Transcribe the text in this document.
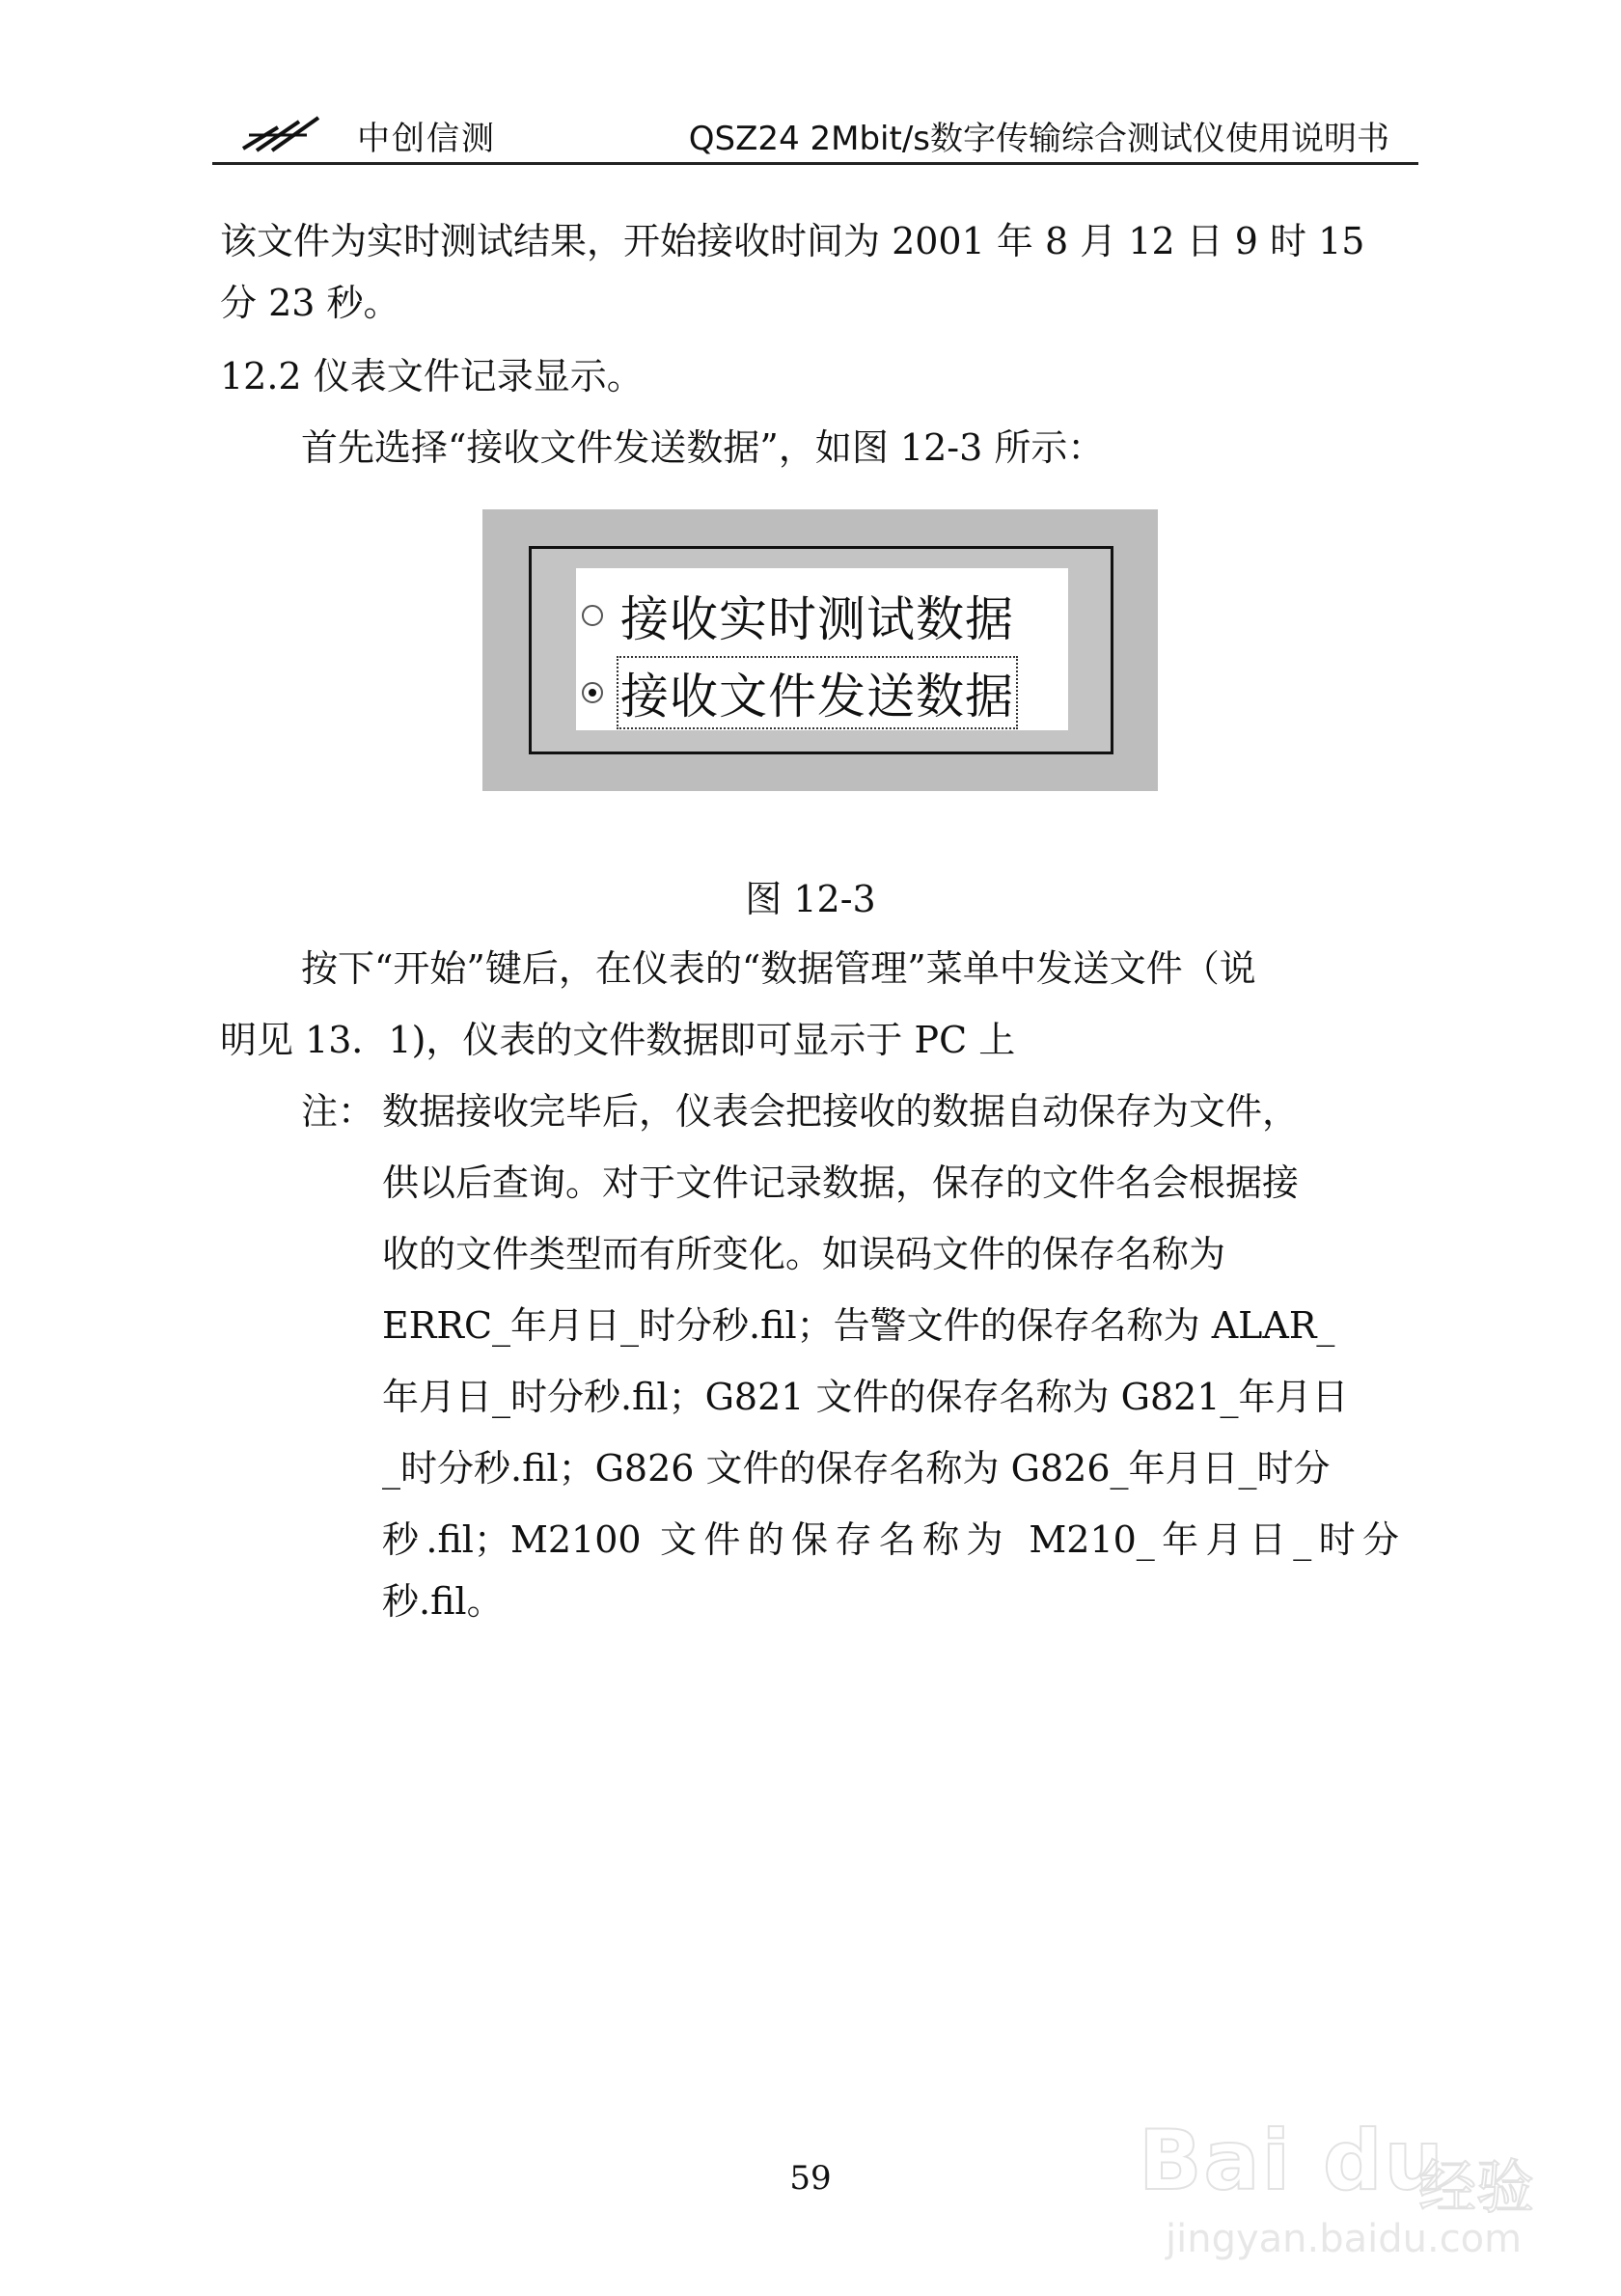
中创信测	QSZ24 2Mbit/s数字传输综合测试仪使用说明书

该文件为实时测试结果，开始接收时间为 2001 年 8 月 12 日 9 时 15

分 23 秒。

12.2 仪表文件记录显示。

首先选择“接收文件发送数据”，如图 12-3 所示：

接收实时测试数据
接收文件发送数据

图 12-3

按下“开始”键后，在仪表的“数据管理”菜单中发送文件（说

明见 13．1)，仪表的文件数据即可显示于 PC 上

注： 数据接收完毕后，仪表会把接收的数据自动保存为文件，

供以后查询。对于文件记录数据，保存的文件名会根据接

收的文件类型而有所变化。如误码文件的保存名称为

ERRC_年月日_时分秒.fil；告警文件的保存名称为 ALAR_

年月日_时分秒.fil；G821 文件的保存名称为 G821_年月日

_时分秒.fil；G826 文件的保存名称为 G826_年月日_时分

秒.fil；M2100 文件的保存名称为 M210_年月日_时分秒.fil。

59	Bai du
经验
jingyan.baidu.com
